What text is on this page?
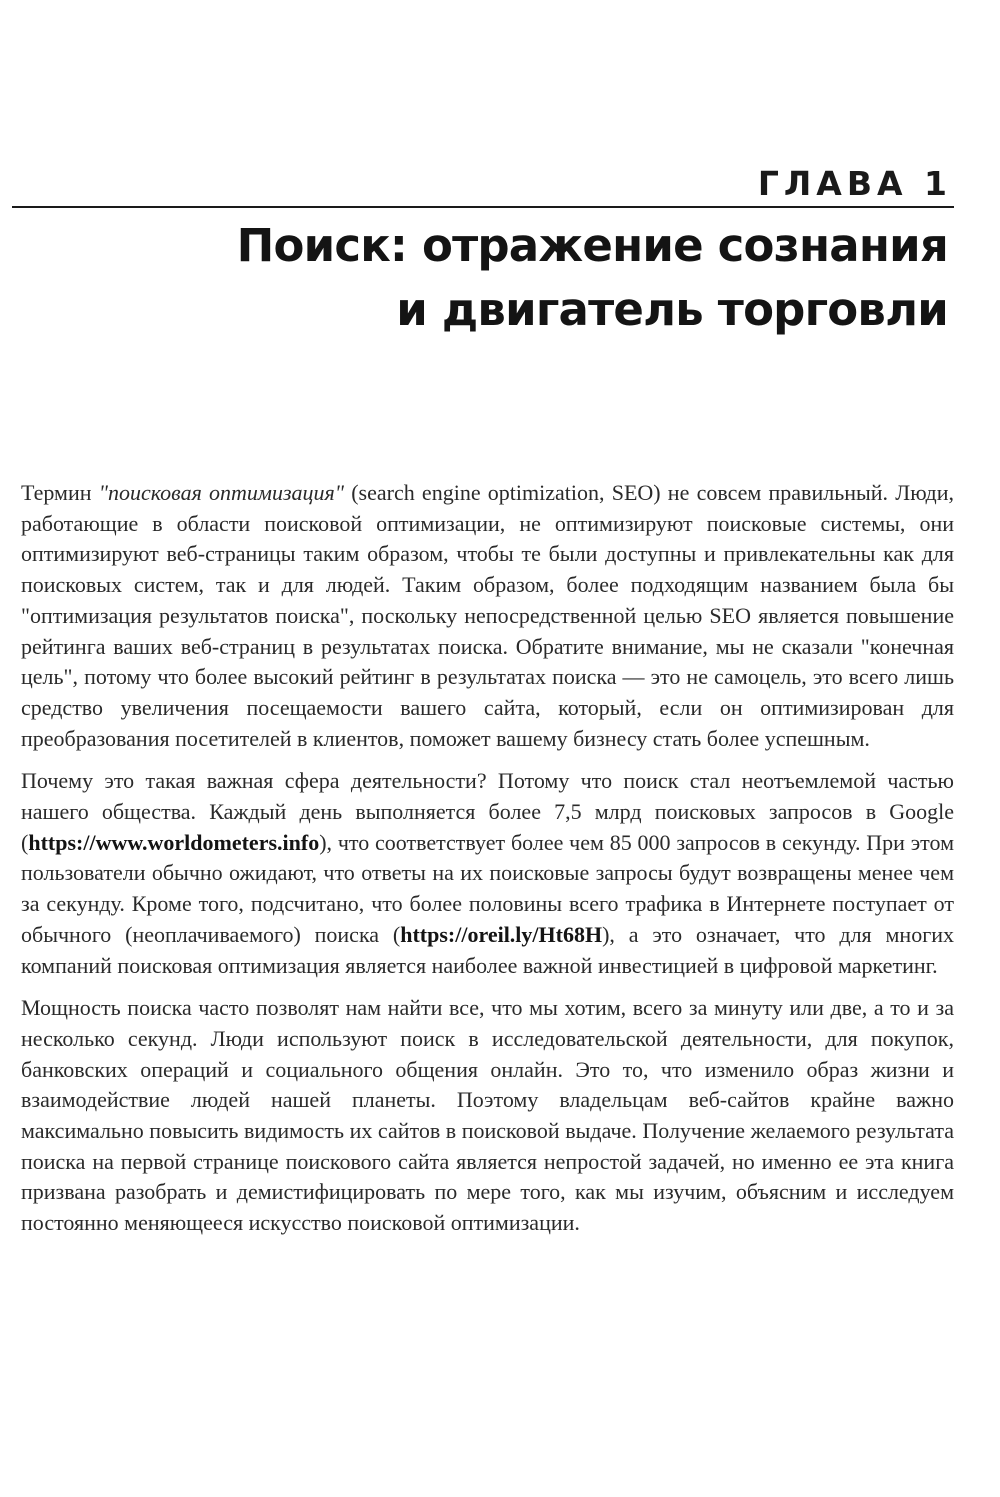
ГЛАВА 1
Поиск: отражение сознания
и двигатель торговли

Термин "поисковая оптимизация" (search engine optimization, SEO) не совсем правильный. Люди, работающие в области поисковой оптимизации, не оптимизируют поисковые системы, они оптимизируют веб-страницы таким образом, чтобы те были доступны и привлекательны как для поисковых систем, так и для людей. Таким образом, более подходящим названием была бы "оптимизация результатов поиска", поскольку непосредственной целью SEO является повышение рейтинга ваших веб-страниц в результатах поиска. Обратите внимание, мы не сказали "конечная цель", потому что более высокий рейтинг в результатах поиска — это не самоцель, это всего лишь средство увеличения посещаемости вашего сайта, который, если он оптимизирован для преобразования посетителей в клиентов, поможет вашему бизнесу стать более успешным.

Почему это такая важная сфера деятельности? Потому что поиск стал неотъемлемой частью нашего общества. Каждый день выполняется более 7,5 млрд поисковых запросов в Google (https://www.worldometers.info), что соответствует более чем 85 000 запросов в секунду. При этом пользователи обычно ожидают, что ответы на их поисковые запросы будут возвращены менее чем за секунду. Кроме того, подсчитано, что более половины всего трафика в Интернете поступает от обычного (неоплачиваемого) поиска (https://oreil.ly/Ht68H), а это означает, что для многих компаний поисковая оптимизация является наиболее важной инвестицией в цифровой маркетинг.

Мощность поиска часто позволят нам найти все, что мы хотим, всего за минуту или две, а то и за несколько секунд. Люди используют поиск в исследовательской деятельности, для покупок, банковских операций и социального общения онлайн. Это то, что изменило образ жизни и взаимодействие людей нашей планеты. Поэтому владельцам веб-сайтов крайне важно максимально повысить видимость их сайтов в поисковой выдаче. Получение желаемого результата поиска на первой странице поискового сайта является непростой задачей, но именно ее эта книга призвана разобрать и демистифицировать по мере того, как мы изучим, объясним и исследуем постоянно меняющееся искусство поисковой оптимизации.
